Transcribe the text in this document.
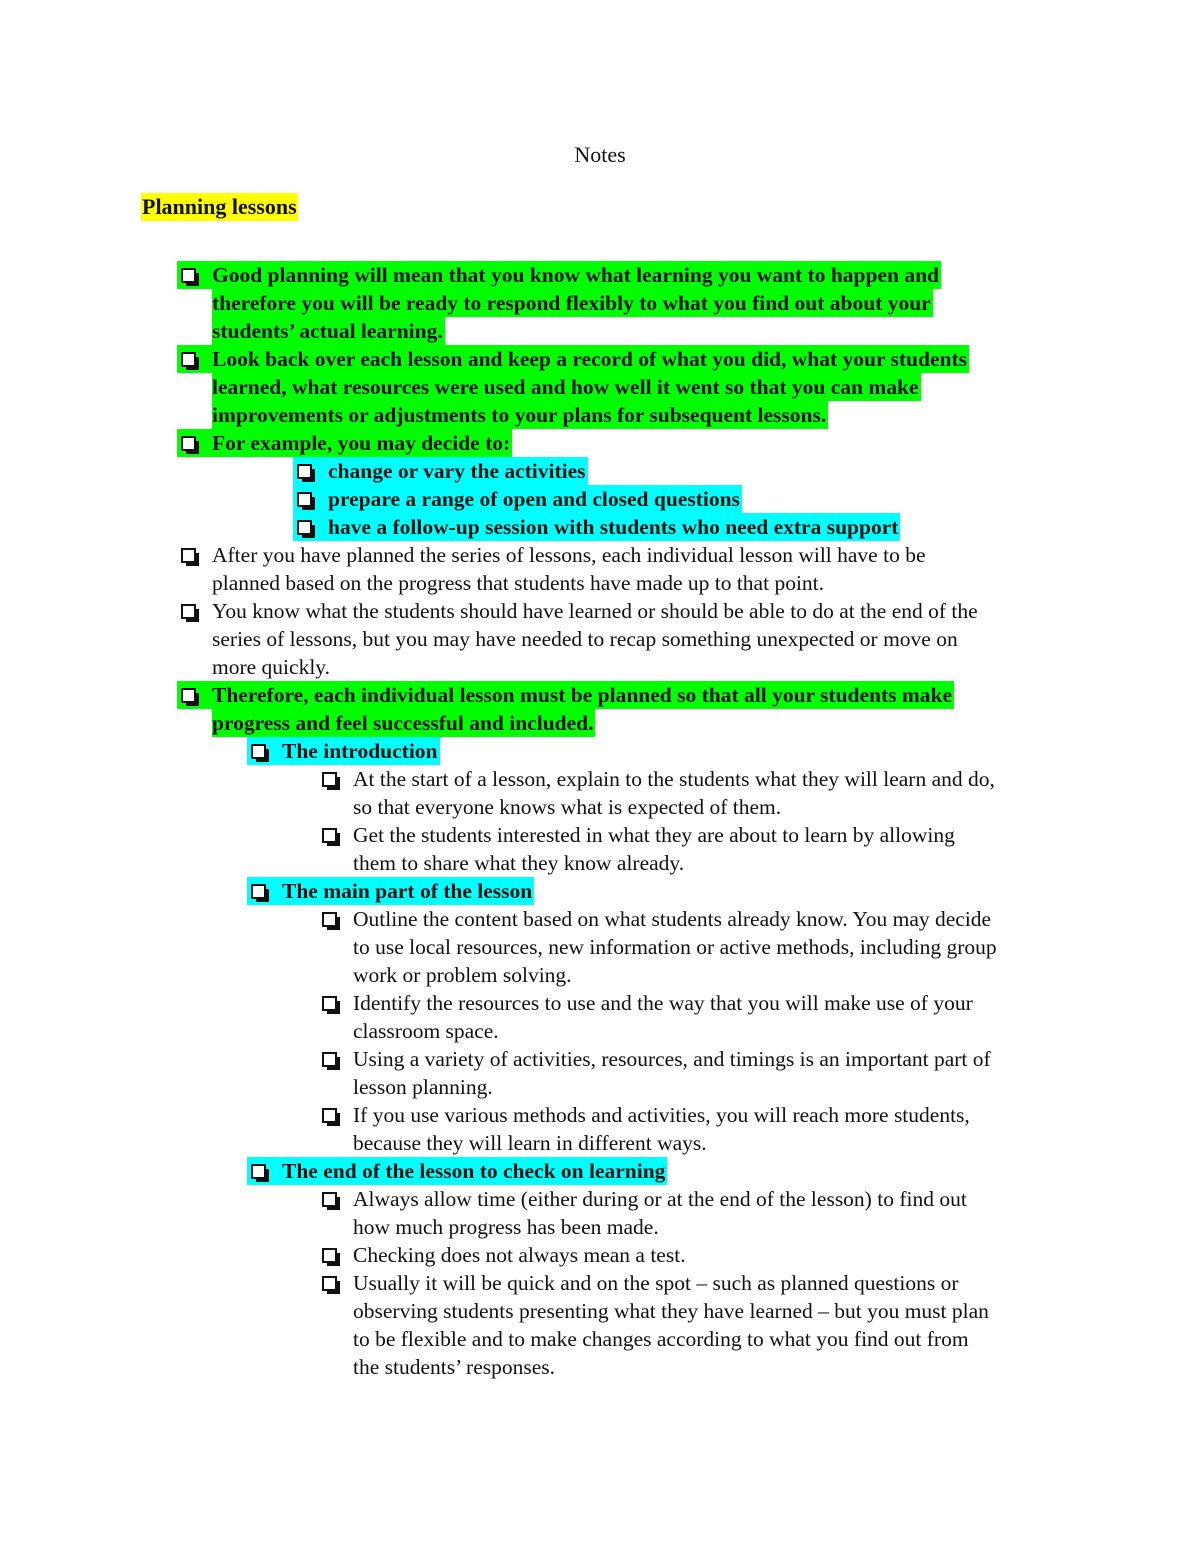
Notes
Planning lessons
Good planning will mean that you know what learning you want to happen and
therefore you will be ready to respond flexibly to what you find out about your
students’ actual learning.
Look back over each lesson and keep a record of what you did, what your students
learned, what resources were used and how well it went so that you can make
improvements or adjustments to your plans for subsequent lessons.
For example, you may decide to:
change or vary the activities
prepare a range of open and closed questions
have a follow-up session with students who need extra support
After you have planned the series of lessons, each individual lesson will have to be
planned based on the progress that students have made up to that point.
You know what the students should have learned or should be able to do at the end of the
series of lessons, but you may have needed to recap something unexpected or move on
more quickly.
Therefore, each individual lesson must be planned so that all your students make
progress and feel successful and included.
The introduction
At the start of a lesson, explain to the students what they will learn and do,
so that everyone knows what is expected of them.
Get the students interested in what they are about to learn by allowing
them to share what they know already.
The main part of the lesson
Outline the content based on what students already know. You may decide
to use local resources, new information or active methods, including group
work or problem solving.
Identify the resources to use and the way that you will make use of your
classroom space.
Using a variety of activities, resources, and timings is an important part of
lesson planning.
If you use various methods and activities, you will reach more students,
because they will learn in different ways.
The end of the lesson to check on learning
Always allow time (either during or at the end of the lesson) to find out
how much progress has been made.
Checking does not always mean a test.
Usually it will be quick and on the spot – such as planned questions or
observing students presenting what they have learned – but you must plan
to be flexible and to make changes according to what you find out from
the students’ responses.
